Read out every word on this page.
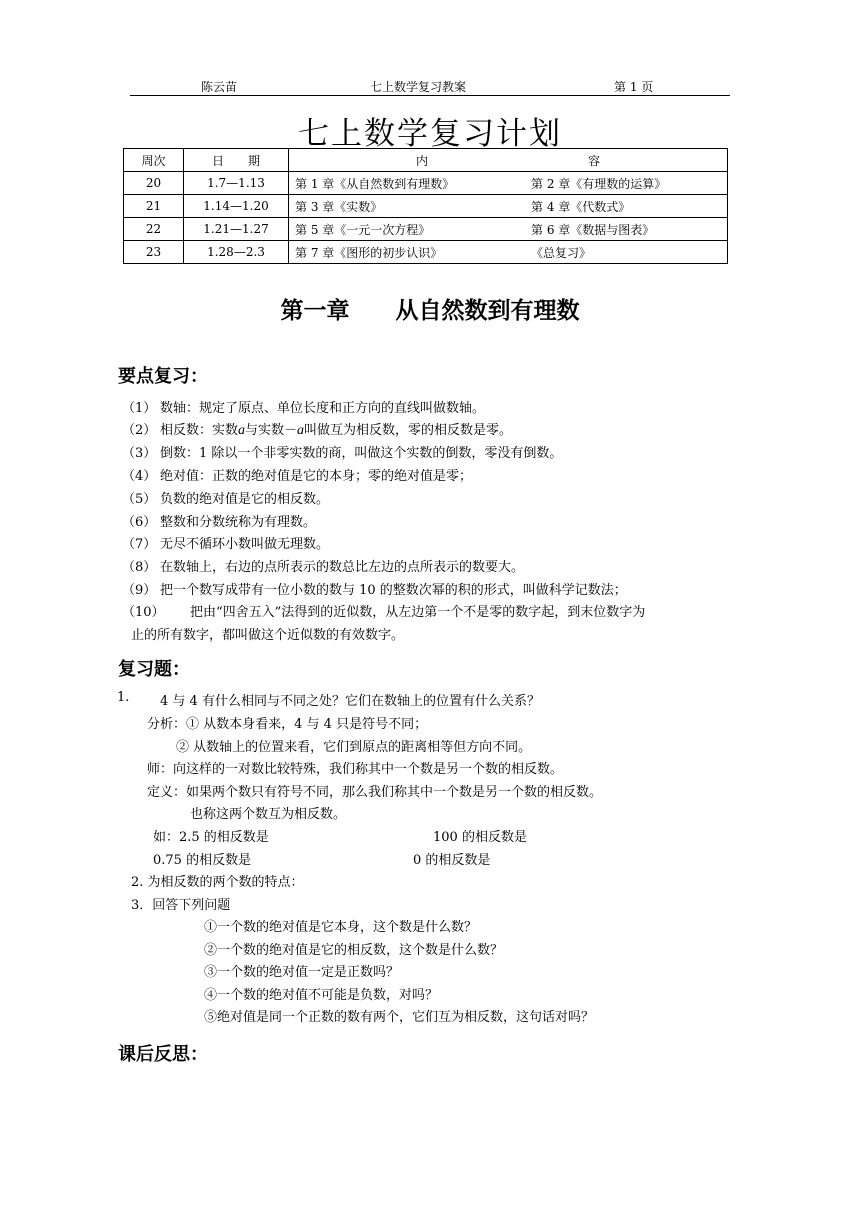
陈云苗	七上数学复习教案	第 1 页
七上数学复习计划
周次	日　　期	内 容
20	1.7—1.13	第 1 章《从自然数到有理数》 第 2 章《有理数的运算》
21	1.14—1.20	第 3 章《实数》 第 4 章《代数式》
22	1.21—1.27	第 5 章《一元一次方程》 第 6 章《数据与图表》
23	1.28—2.3	第 7 章《图形的初步认识》 《总复习》
第一章　　从自然数到有理数
要点复习：
（1） 数轴：规定了原点、单位长度和正方向的直线叫做数轴。
（2） 相反数：实数a与实数－a叫做互为相反数，零的相反数是零。
（3） 倒数：1 除以一个非零实数的商，叫做这个实数的倒数，零没有倒数。
（4） 绝对值：正数的绝对值是它的本身；零的绝对值是零；
（5） 负数的绝对值是它的相反数。
（6） 整数和分数统称为有理数。
（7） 无尽不循环小数叫做无理数。
（8） 在数轴上，右边的点所表示的数总比左边的点所表示的数要大。
（9） 把一个数写成带有一位小数的数与 10 的整数次幂的积的形式，叫做科学记数法；
（10） 把由“四舍五入”法得到的近似数，从左边第一个不是零的数字起，到末位数字为
止的所有数字，都叫做这个近似数的有效数字。
复习题：
1. 4 与 4 有什么相同与不同之处？它们在数轴上的位置有什么关系？
分析：① 从数本身看来，4 与 4 只是符号不同；
② 从数轴上的位置来看，它们到原点的距离相等但方向不同。
师：向这样的一对数比较特殊，我们称其中一个数是另一个数的相反数。
定义：如果两个数只有符号不同，那么我们称其中一个数是另一个数的相反数。
也称这两个数互为相反数。
如：2.5 的相反数是	100 的相反数是
0.75 的相反数是	0 的相反数是
2. 为相反数的两个数的特点：
3．回答下列问题
①一个数的绝对值是它本身，这个数是什么数？
②一个数的绝对值是它的相反数，这个数是什么数？
③一个数的绝对值一定是正数吗？
④一个数的绝对值不可能是负数，对吗？
⑤绝对值是同一个正数的数有两个，它们互为相反数，这句话对吗？
课后反思：
